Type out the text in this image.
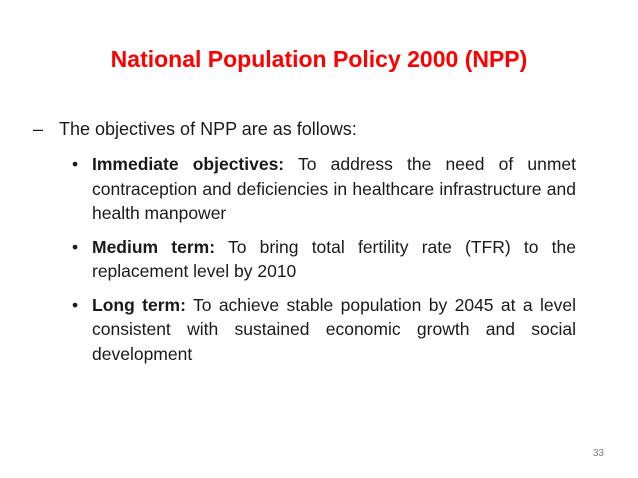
National Population Policy 2000 (NPP)
– The objectives of NPP are as follows:
• Immediate objectives: To address the need of unmet contraception and deficiencies in healthcare infrastructure and health manpower
• Medium term: To bring total fertility rate (TFR) to the replacement level by 2010
• Long term: To achieve stable population by 2045 at a level consistent with sustained economic growth and social development
33
